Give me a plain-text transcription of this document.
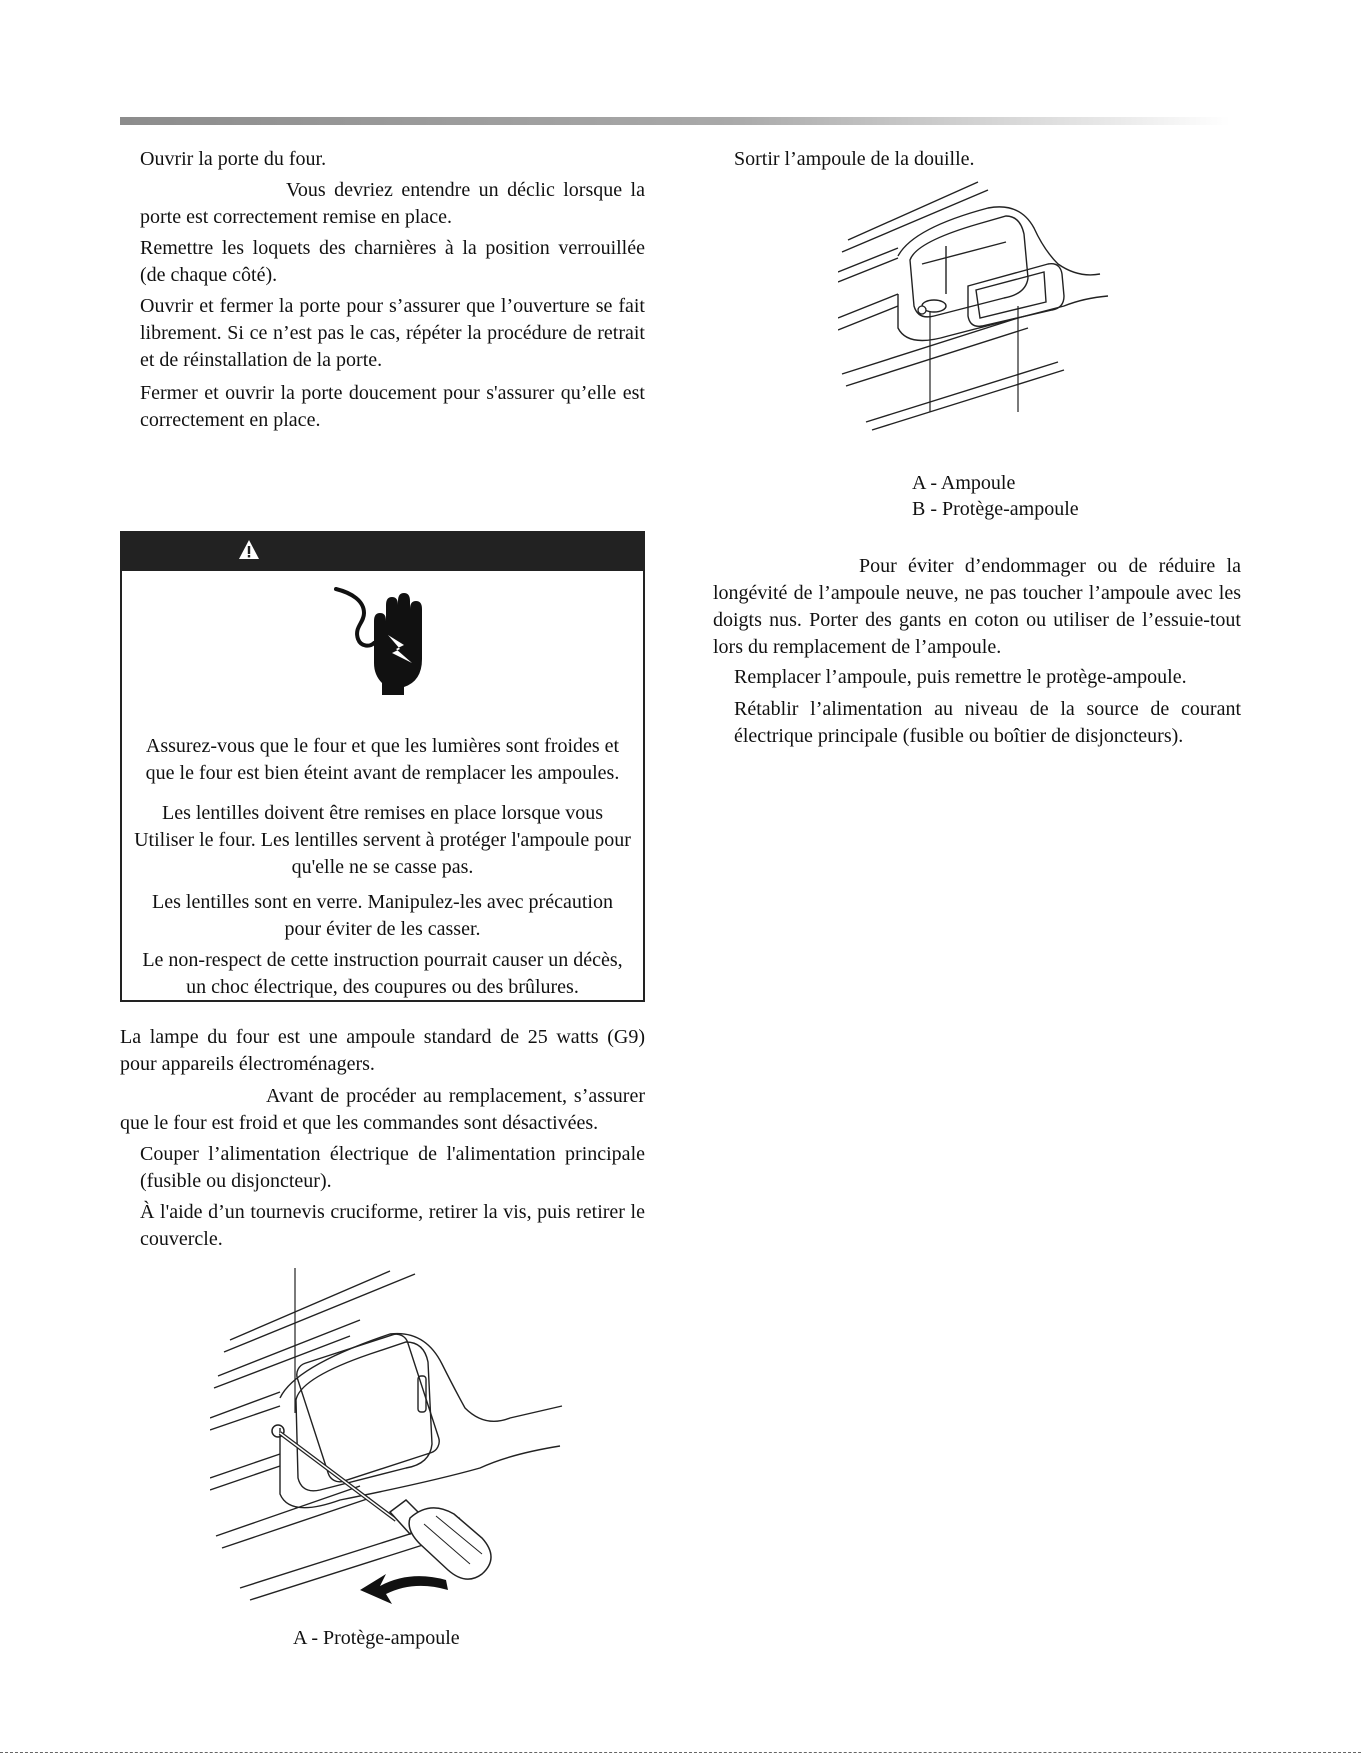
Ouvrir la porte du four.

Vous devriez entendre un déclic lorsque la porte est correctement remise en place.

Remettre les loquets des charnières à la position verrouillée (de chaque côté).

Ouvrir et fermer la porte pour s’assurer que l’ouverture se fait librement. Si ce n’est pas le cas, répéter la procédure de retrait et de réinstallation de la porte.

Fermer et ouvrir la porte doucement pour s'assurer qu’elle est correctement en place.

Assurez-vous que le four et que les lumières sont froides et que le four est bien éteint avant de remplacer les ampoules.

Les lentilles doivent être remises en place lorsque vous Utiliser le four. Les lentilles servent à protéger l'ampoule pour qu'elle ne se casse pas.

Les lentilles sont en verre. Manipulez-les avec précaution pour éviter de les casser.

Le non-respect de cette instruction pourrait causer un décès, un choc électrique, des coupures ou des brûlures.

La lampe du four est une ampoule standard de 25 watts (G9) pour appareils électroménagers.

Avant de procéder au remplacement, s’assurer que le four est froid et que les commandes sont désactivées.

Couper l’alimentation électrique de l'alimentation principale (fusible ou disjoncteur).

À l'aide d’un tournevis cruciforme, retirer la vis, puis retirer le couvercle.

A - Protège-ampoule

Sortir l’ampoule de la douille.

A - Ampoule
B - Protège-ampoule

Pour éviter d’endommager ou de réduire la longévité de l’ampoule neuve, ne pas toucher l’ampoule avec les doigts nus. Porter des gants en coton ou utiliser de l’essuie-tout lors du remplacement de l’ampoule.

Remplacer l’ampoule, puis remettre le protège-ampoule.

Rétablir l’alimentation au niveau de la source de courant électrique principale (fusible ou boîtier de disjoncteurs).
